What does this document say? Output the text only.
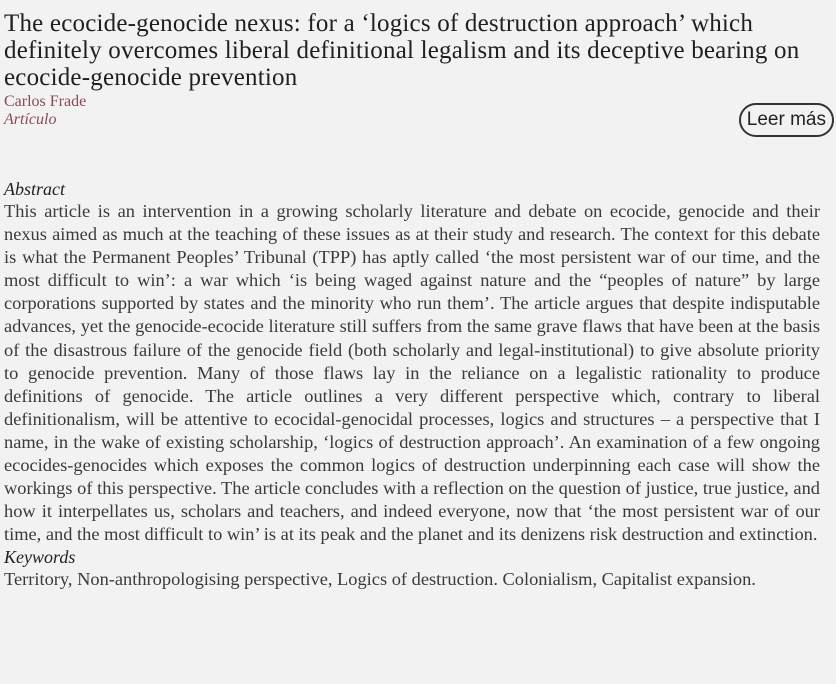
The ecocide-genocide nexus: for a ‘logics of destruction approach’ which definitely overcomes liberal definitional legalism and its deceptive bearing on ecocide-genocide prevention
Carlos Frade
Artículo	Leer más
Abstract
This article is an intervention in a growing scholarly literature and debate on ecocide, genocide and their nexus aimed as much at the teaching of these issues as at their study and research. The context for this debate is what the Permanent Peoples’ Tribunal (TPP) has aptly called ‘the most persistent war of our time, and the most difficult to win’: a war which ‘is being waged against nature and the “peoples of nature” by large corporations supported by states and the minority who run them’. The article argues that despite indisputable advances, yet the genocide-ecocide literature still suffers from the same grave flaws that have been at the basis of the disastrous failure of the genocide field (both scholarly and legal-institutional) to give absolute priority to genocide prevention. Many of those flaws lay in the reliance on a legalistic rationality to produce definitions of genocide. The article outlines a very different perspective which, contrary to liberal definitionalism, will be attentive to ecocidal-genocidal processes, logics and structures – a perspective that I name, in the wake of existing scholarship, ‘logics of destruction approach’. An examination of a few ongoing ecocides-genocides which exposes the common logics of destruction underpinning each case will show the workings of this perspective. The article concludes with a reflection on the question of justice, true justice, and how it interpellates us, scholars and teachers, and indeed everyone, now that ‘the most persistent war of our time, and the most difficult to win’ is at its peak and the planet and its denizens risk destruction and extinction.
Keywords
Territory, Non-anthropologising perspective, Logics of destruction. Colonialism, Capitalist expansion.
